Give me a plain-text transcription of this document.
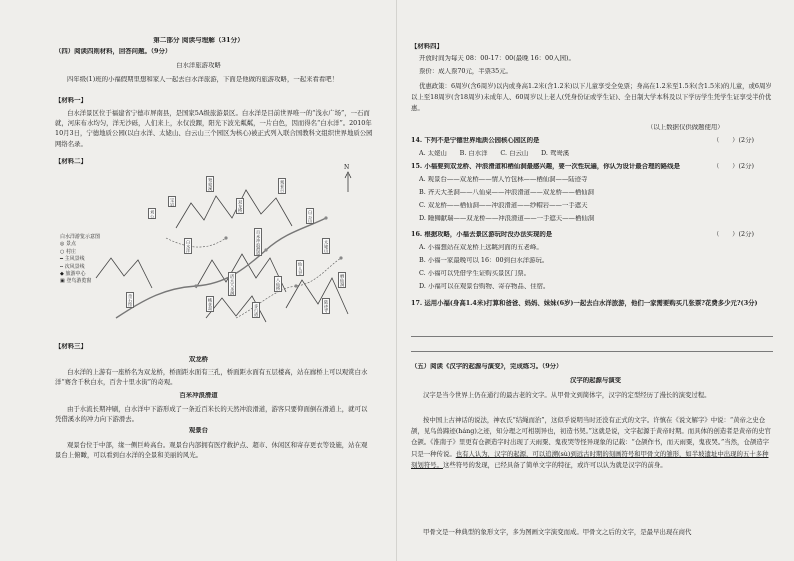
第二部分 阅读与理解（31分）
（四）阅读四则材料，回答问题。（9分）
白水洋旅游攻略
四年级(1)班的小福假期里想和家人一起去白水洋旅游，下面是他做的旅游攻略，一起来看看吧！
【材料一】
白水洋景区位于福建省宁德市屏南县，是国家5A级旅游景区。白水洋是目前世界唯一的“浅水广场”，一石而就，河床布水均匀，洋无沙砾，人们来上，水仅没踝，阳光下波光粼粼，一片白色，因而得名“白水洋”。2010年10月3日，宁德地质公园(以白水洋、太姥山、白云山三个园区为核心)被正式列入联合国教科文组织世界地质公园网络名录。
【材料二】
N
白水洋游览示意图
◎ 景点
○ 村庄
━ 主风景线
┅ 次风景线
◆ 旅游中心
▣ 登鸟游览窗
鸳鸯溪
双龙桥
百米冲浪滑道
观景台
白水洋
宝岩
刘公	白云山
太姥山
仙人谷
八仙桥
济天大圣洞
桃花岛
栖仙洞
陆迹寺
奇石馆
步行道
【材料三】
双龙桥
白水洋的上游有一座桥名为双龙桥，桥面距水面有三孔，桥面距水面有五层楼高，站在廊桥上可以观赏白水洋“赛含千秋白水，百舍十里水街”的奇观。
百米冲浪滑道
由于水流长期冲刷，白水洋中下游形成了一条近百米长的天然冲浪滑道，游客只要仰面倒在滑道上，就可以凭借溪水的冲力向下游滑去。
观景台
观景台位于中部，缘一侧巨岭高台。观景台内部拥有医疗救护点、超市、休闲区和寄存更衣等设施，站在观景台上俯瞰，可以看到白水洋的全景和美丽的风光。
【材料四】
开放时间为每天 08：00-17：00(最晚 16：00入园)。
票价：成人票70元，半票35元。
优惠政策：6周岁(含6周岁)以内或身高1.2米(含1.2米)以下儿童享受全免票；身高在1.2米至1.5米(含1.5米)的儿童，或6周岁以上至18周岁(含18周岁)未成年人、60周岁以上老人(凭身份证或学生证)、全日制大学本科及以下学历学生凭学生证享受半价优惠。
（以上数据仅供做题使用）
14. 下列不是宁德世界地质公园核心园区的是	（　　）(2分)
A. 太姥山　　B. 白水洋　　C. 白云山　　D. 鸳鸯溪
15. 小福要到双龙桥、冲浪滑道和栖仙洞最感兴趣，要一次性玩遍，你认为设计最合理的路线是	（　　）(2分)
A. 观景台——双龙桥——情人竹包林——栖仙洞——陆迹寺
B. 齐天大圣洞——八仙桌——冲浪滑道——双龙桥——栖仙洞
C. 双龙桥——栖仙洞——冲浪滑道——纱帽岩——一手遮天
D. 睡狮献瑞——双龙桥——冲浪滑道——一手遮天——栖仙洞
16. 根据攻略，小福去景区游玩时没办法实现的是	（　　）(2分)
A. 小福想站在双龙桥上远眺河面的五老峰。
B. 小福一家最晚可以 16：00到白水洋游玩。
C. 小福可以凭借学生证购买景区门票。
D. 小福可以在观景台购物、寄存物品、住宿。
17. 运用小福(身高1.4米)打算和爸爸、妈妈、妹妹(6岁)一起去白水洋旅游，他们一家需要购买几张票?花费多少元?(3分)
（五）阅读《汉字的起源与演变》，完成练习。（9分）
汉字的起源与演变
汉字是当今世界上仍在通行的最古老的文字。从甲骨文到简体字，汉字的定型经历了漫长的演变过程。
按中国上古神话的说法，神农氏“结绳而治”，这似乎说明当时还没有正式的文字。许慎在《说文解字》中说：“黄帝之史仓颉，见鸟兽蹄迹(háng)之迹，知分理之可相别异也，初造书契。”这就是说，文字起源于黄帝时期。而具体的创造者是黄帝的史官仓颉。《淮南子》里更有仓颉造字时出现了天雨粟、鬼夜哭等怪异现象的记载：“仓颉作书，而天雨粟，鬼夜哭。”当然，仓颉造字只是一种传说。也有人认为，汉字的起源，可以追溯(sù)到远古时期的刻画符号和甲骨文的雏形，如半坡遗址中出现的五十多种刻划符号。这些符号的发现，已经具备了简单文字的特征，或许可以认为就是汉字的前身。
甲骨文是一种典型的象形文字，多为图画文字演变而成。甲骨文之后的文字，是最早出现在商代
